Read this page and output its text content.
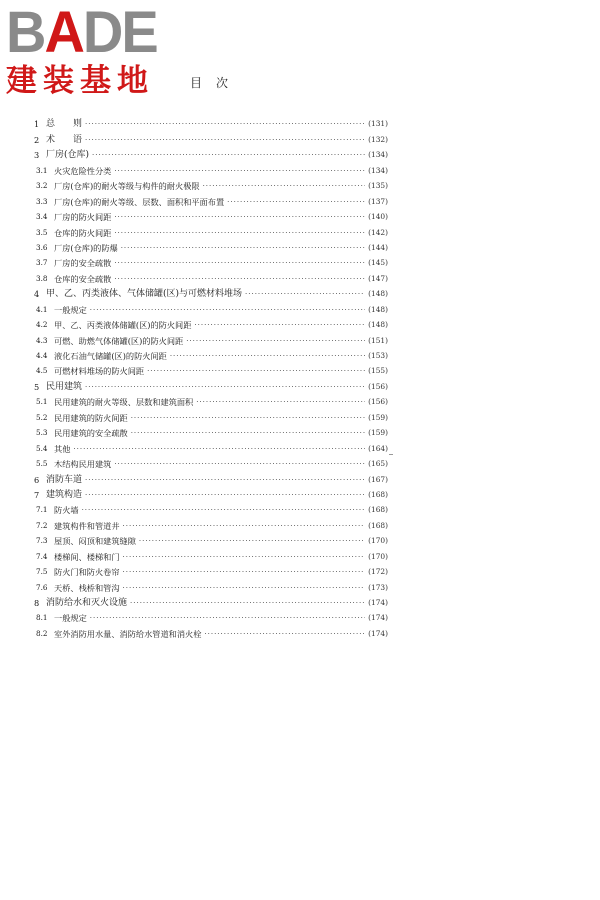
BADE
建装基地	目次
1 总　　则 ·····	(131)
2 术　　语 ·····	(132)
3 厂房(仓库) ·····	(134)
3.1 火灾危险性分类 ·····	(134)
3.2 厂房(仓库)的耐火等级与构件的耐火极限 ·····	(135)
3.3 厂房(仓库)的耐火等级、层数、面积和平面布置 ·····	(137)
3.4 厂房的防火间距 ·····	(140)
3.5 仓库的防火间距 ·····	(142)
3.6 厂房(仓库)的防爆 ·····	(144)
3.7 厂房的安全疏散 ·····	(145)
3.8 仓库的安全疏散 ·····	(147)
4 甲、乙、丙类液体、气体储罐(区)与可燃材料堆场 ·····	(148)
4.1 一般规定 ·····	(148)
4.2 甲、乙、丙类液体储罐(区)的防火间距 ·····	(148)
4.3 可燃、助燃气体储罐(区)的防火间距 ·····	(151)
4.4 液化石油气储罐(区)的防火间距 ·····	(153)
4.5 可燃材料堆场的防火间距 ·····	(155)
5 民用建筑 ·····	(156)
5.1 民用建筑的耐火等级、层数和建筑面积 ·····	(156)
5.2 民用建筑的防火间距 ·····	(159)
5.3 民用建筑的安全疏散 ·····	(159)
5.4 其他 ·····	(164)
5.5 木结构民用建筑 ·····	(165)
6 消防车道 ·····	(167)
7 建筑构造 ·····	(168)
7.1 防火墙 ·····	(168)
7.2 建筑构件和管道井 ·····	(168)
7.3 屋顶、闷顶和建筑缝隙 ·····	(170)
7.4 楼梯间、楼梯和门 ·····	(170)
7.5 防火门和防火卷帘 ·····	(172)
7.6 天桥、栈桥和管沟 ·····	(173)
8 消防给水和灭火设施 ·····	(174)
8.1 一般规定 ·····	(174)
8.2 室外消防用水量、消防给水管道和消火栓 ·····	(174)
